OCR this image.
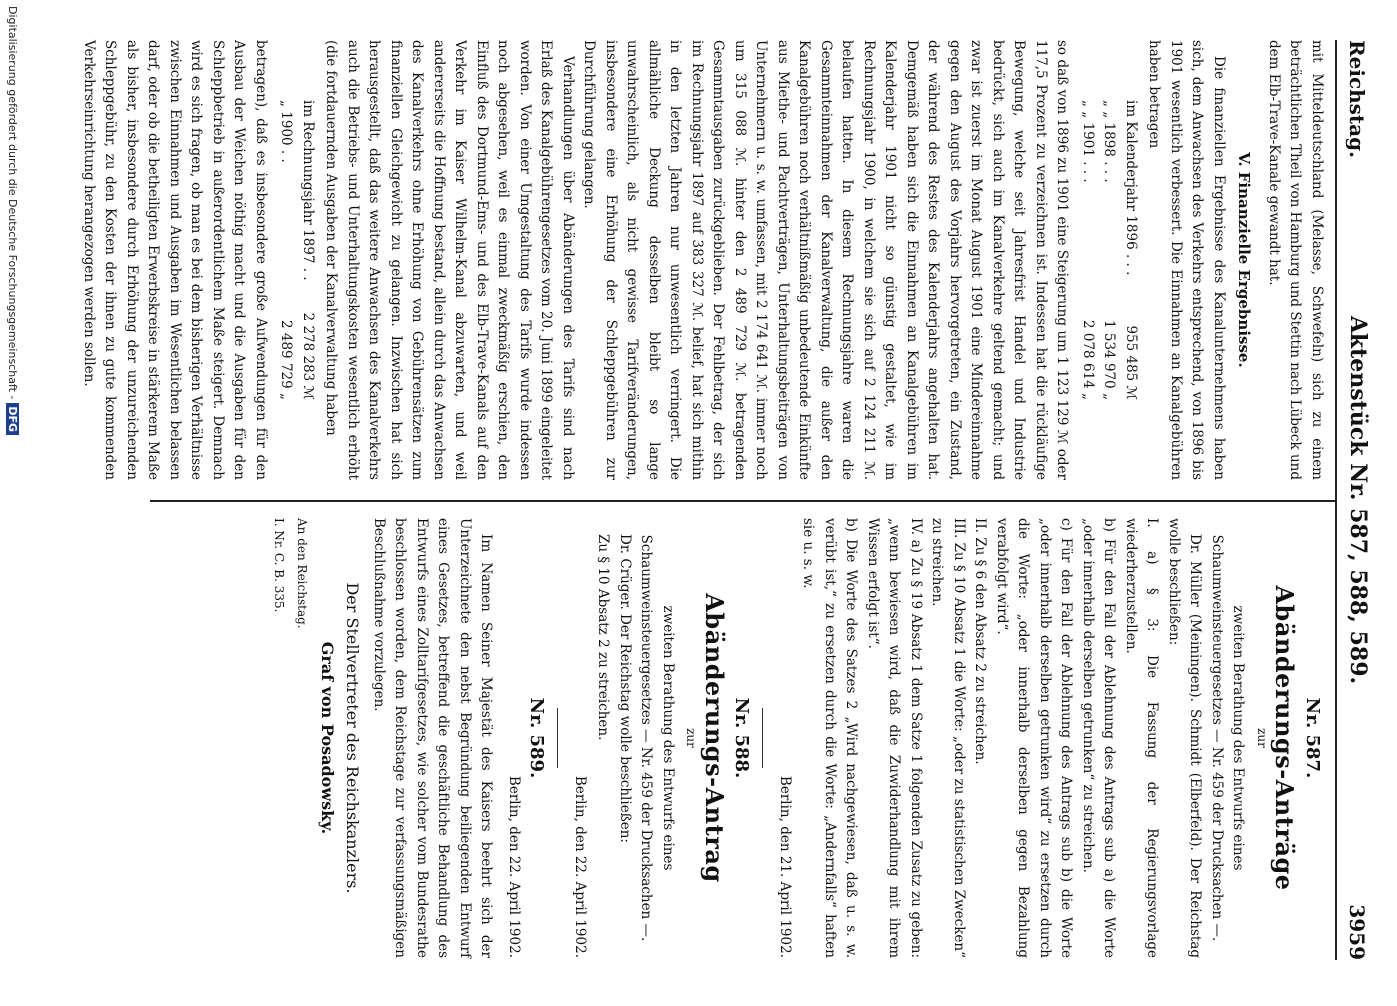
Reichstag.
Aktenstück Nr. 587, 588, 589.
3959

mit Mitteldeutschland (Melasse, Schwefeln) sich zu einem beträchtlichen Theil von Hamburg und Stettin nach Lübeck und dem Elb-Trave-Kanale gewandt hat.

V. Finanzielle Ergebnisse.

Die finanziellen Ergebnisse des Kanalunternehmens haben sich, dem Anwachsen des Verkehrs entsprechend, von 1896 bis 1901 wesentlich verbessert. Die Einnahmen an Kanalgebühren haben betragen

im Kalenderjahr 1896 . . .
955 485 ℳ
„ „ 1898 . . .
1 534 970 „
„ „ 1901 . . .
2 078 614 „

so daß von 1896 zu 1901 eine Steigerung um 1 123 129 ℳ oder 117,5 Prozent zu verzeichnen ist. Indessen hat die rückläufige Bewegung, welche seit Jahresfrist Handel und Industrie bedrückt, sich auch im Kanalverkehre geltend gemacht; und zwar ist zuerst im Monat August 1901 eine Mindereinnahme gegen den August des Vorjahrs hervorgetreten, ein Zustand, der während des Restes des Kalenderjahrs angehalten hat. Demgemäß haben sich die Einnahmen an Kanalgebühren im Kalenderjahr 1901 nicht so günstig gestaltet, wie im Rechnungsjahr 1900, in welchem sie sich auf 2 124 211 ℳ. belaufen hatten. In diesem Rechnungsjahre waren die Gesammteinnahmen der Kanalverwaltung, die außer den Kanalgebühren noch verhältnißmäßig unbedeutende Einkünfte aus Miethe- und Pachtverträgen, Unterhaltungsbeiträgen von Unternehmern u. s. w. umfassen, mit 2 174 641 ℳ. immer noch um 315 088 ℳ. hinter den 2 489 729 ℳ. betragenden Gesammtausgaben zurückgeblieben. Der Fehlbetrag, der sich im Rechnungsjahr 1897 auf 383 327 ℳ. belief, hat sich mithin in den letzten Jahren nur unwesentlich verringert. Die allmähliche Deckung desselben bleibt so lange unwahrscheinlich, als nicht gewisse Tarifveränderungen, insbesondere eine Erhöhung der Schleppgebühren zur Durchführung gelangen.

Verhandlungen über Abänderungen des Tarifs sind nach Erlaß des Kanalgebührengesetzes vom 20. Juni 1899 eingeleitet worden. Von einer Umgestaltung des Tarifs wurde indessen noch abgesehen, weil es einmal zweckmäßig erschien, den Einfluß des Dortmund-Ems- und des Elb-Trave-Kanals auf den Verkehr im Kaiser Wilhelm-Kanal abzuwarten, und weil andererseits die Hoffnung bestand, allein durch das Anwachsen des Kanalverkehrs ohne Erhöhung von Gebührensätzen zum finanziellen Gleichgewicht zu gelangen. Inzwischen hat sich herausgestellt, daß das weitere Anwachsen des Kanalverkehrs auch die Betriebs- und Unterhaltungskosten wesentlich erhöht (die fortdauernden Ausgaben der Kanalverwaltung haben

im Rechnungsjahr 1897 . .
2 278 283 ℳ
„ 1900 . .
2 489 729 „

betragen), daß es insbesondere große Aufwendungen für den Ausbau der Weichen nöthig macht und die Ausgaben für den Schleppbetrieb in außerordentlichem Maße steigert. Demnach wird es sich fragen, ob man es bei dem bisherigen Verhältnisse zwischen Einnahmen und Ausgaben im Wesentlichen belassen darf, oder ob die betheiligten Erwerbskreise in stärkerem Maße als bisher, insbesondere durch Erhöhung der unzureichenden Schleppgebühr, zu den Kosten der ihnen zu gute kommenden Verkehrseinrichtung herangezogen werden sollen.

Nr. 587.
Abänderungs-Anträge
zur

zweiten Berathung des Entwurfs eines Schaumweinsteuergesetzes — Nr. 459 der Drucksachen —.

Dr. Müller (Meiningen). Schmidt (Elberfeld). Der Reichstag wolle beschließen:

I. a) § 3: Die Fassung der Regierungsvorlage wiederherzustellen.
b) Für den Fall der Ablehnung des Antrags sub a) die Worte „oder innerhalb derselben getrunken“ zu streichen.
c) Für den Fall der Ablehnung des Antrags sub b) die Worte „oder innerhalb derselben getrunken wird“ zu ersetzen durch die Worte: „oder innerhalb derselben gegen Bezahlung verabfolgt wird“.
II. Zu § 6 den Absatz 2 zu streichen.
III. Zu § 10 Absatz 1 die Worte: „oder zu statistischen Zwecken“ zu streichen.
IV. a) Zu § 19 Absatz 1 dem Satze 1 folgenden Zusatz zu geben: „wenn bewiesen wird, daß die Zuwiderhandlung mit ihrem Wissen erfolgt ist“.
b) Die Worte des Satzes 2 „Wird nachgewiesen, daß u. s. w. verübt ist,“ zu ersetzen durch die Worte: „Andernfalls“ haften sie u. s. w.
Berlin, den 21. April 1902.
Nr. 588.
Abänderungs-Antrag
zur

zweiten Berathung des Entwurfs eines Schaumweinsteuergesetzes — Nr. 459 der Drucksachen —.

Dr. Crüger. Der Reichstag wolle beschließen:

Zu § 10 Absatz 2 zu streichen.

Berlin, den 22. April 1902.
Nr. 589.
Berlin, den 22. April 1902.

Im Namen Seiner Majestät des Kaisers beehrt sich der Unterzeichnete den nebst Begründung beiliegenden Entwurf eines Gesetzes, betreffend die geschäftliche Behandlung des Entwurfs eines Zolltarifgesetzes, wie solcher vom Bundesrathe beschlossen worden, dem Reichstage zur verfassungsmäßigen Beschlußnahme vorzulegen.

Der Stellvertreter des Reichskanzlers.
Graf von Posadowsky.
An den Reichstag.
I. Nr. C. B. 335.
Digitalisierung gefördert durch die Deutsche Forschungsgemeinschaft -DFG
